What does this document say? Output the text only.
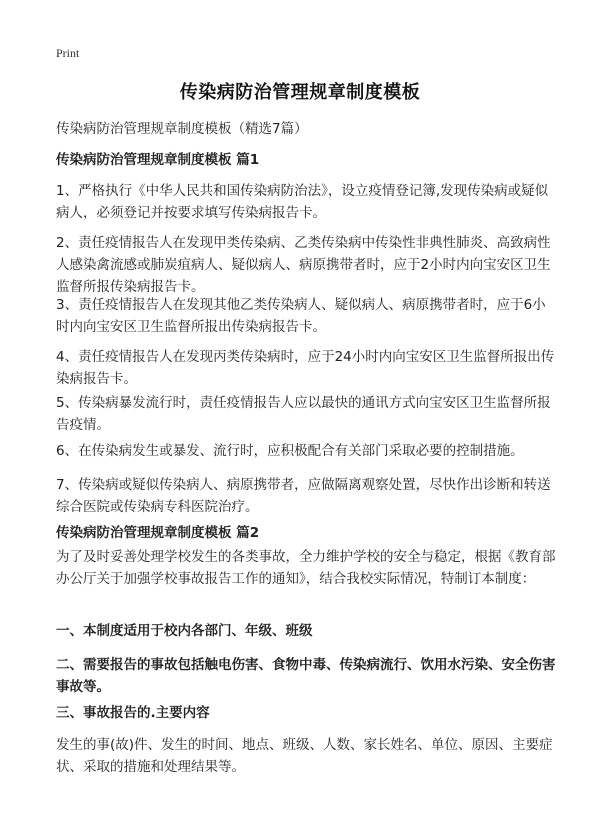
Print
传染病防治管理规章制度模板

传染病防治管理规章制度模板（精选7篇）

传染病防治管理规章制度模板 篇1

1、严格执行《中华人民共和国传染病防治法》，设立疫情登记簿,发现传染病或疑似病人，必须登记并按要求填写传染病报告卡。

2、责任疫情报告人在发现甲类传染病、乙类传染病中传染性非典性肺炎、高致病性人感染禽流感或肺炭疽病人、疑似病人、病原携带者时，应于2小时内向宝安区卫生监督所报传染病报告卡。

3、责任疫情报告人在发现其他乙类传染病人、疑似病人、病原携带者时，应于6小时内向宝安区卫生监督所报出传染病报告卡。

4、责任疫情报告人在发现丙类传染病时，应于24小时内向宝安区卫生监督所报出传染病报告卡。

5、传染病暴发流行时，责任疫情报告人应以最快的通讯方式向宝安区卫生监督所报告疫情。

6、在传染病发生或暴发、流行时，应积极配合有关部门采取必要的控制措施。

7、传染病或疑似传染病人、病原携带者，应做隔离观察处置，尽快作出诊断和转送综合医院或传染病专科医院治疗。

传染病防治管理规章制度模板 篇2

为了及时妥善处理学校发生的各类事故，全力维护学校的安全与稳定，根据《教育部办公厅关于加强学校事故报告工作的通知》，结合我校实际情况，特制订本制度：

一、本制度适用于校内各部门、年级、班级

二、需要报告的事故包括触电伤害、食物中毒、传染病流行、饮用水污染、安全伤害事故等。

三、事故报告的.主要内容

发生的事(故)件、发生的时间、地点、班级、人数、家长姓名、单位、原因、主要症状、采取的措施和处理结果等。
